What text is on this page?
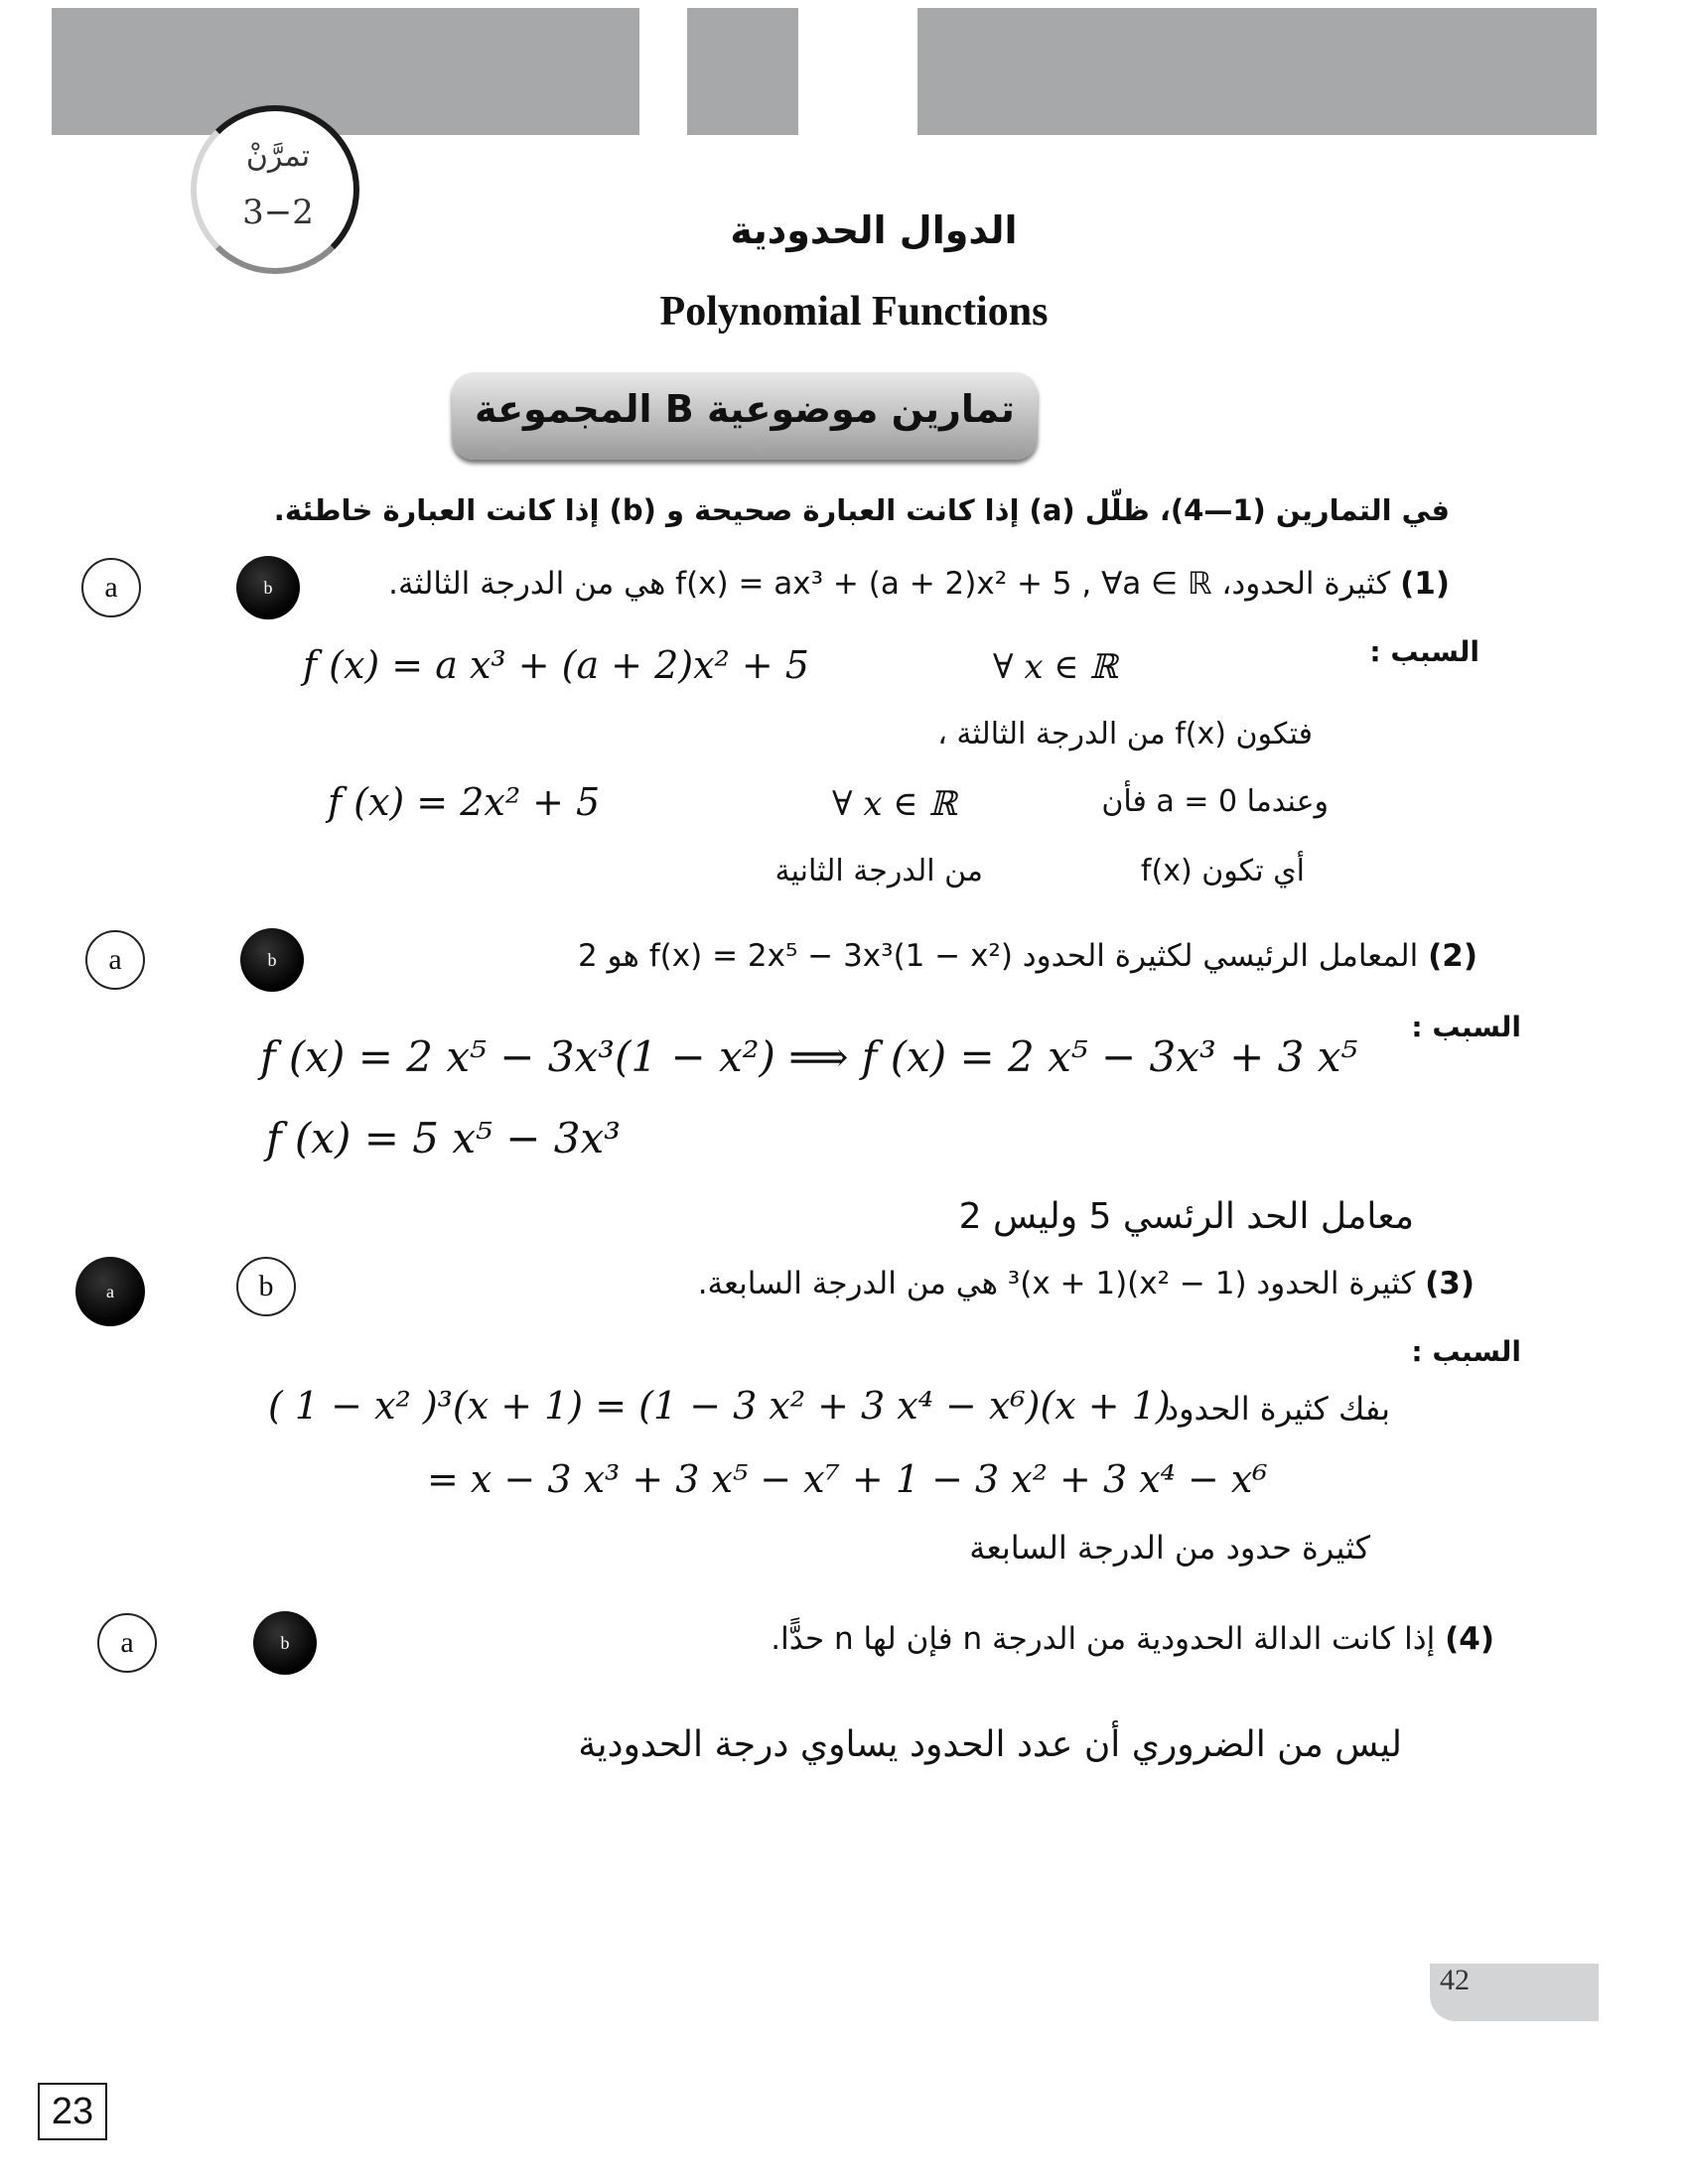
تمرَّنْ
3−2	الدوال الحدودية
Polynomial Functions
المجموعة B تمارين موضوعية
في التمارين (1—4)، ظلّل (a) إذا كانت العبارة صحيحة و (b) إذا كانت العبارة خاطئة.
a	b	(1) كثيرة الحدود، f(x) = ax³ + (a + 2)x² + 5 , ∀a ∈ ℝ هي من الدرجة الثالثة.
السبب :
f (x) = a x³ + (a + 2)x² + 5	∀ x ∈ ℝ
فتكون f(x) من الدرجة الثالثة ،
وعندما a = 0 فأن
f (x) = 2x² + 5	∀ x ∈ ℝ
أي تكون f(x)
من الدرجة الثانية
a	b	(2) المعامل الرئيسي لكثيرة الحدود f(x) = 2x⁵ − 3x³(1 − x²) هو 2
السبب :
f (x) = 2 x⁵ − 3x³(1 − x²) ⟹ f (x) = 2 x⁵ − 3x³ + 3 x⁵
f (x) = 5 x⁵ − 3x³
معامل الحد الرئسي 5 وليس 2
a	b	(3) كثيرة الحدود (1 − x²)³(x + 1) هي من الدرجة السابعة.
السبب :
بفك كثيرة الحدود
( 1 − x² )³(x + 1) = (1 − 3 x² + 3 x⁴ − x⁶)(x + 1)
= x − 3 x³ + 3 x⁵ − x⁷ + 1 − 3 x² + 3 x⁴ − x⁶
كثيرة حدود من الدرجة السابعة
a	b	(4) إذا كانت الدالة الحدودية من الدرجة n فإن لها n حدًّا.
ليس من الضروري أن عدد الحدود يساوي درجة الحدودية
42
23
